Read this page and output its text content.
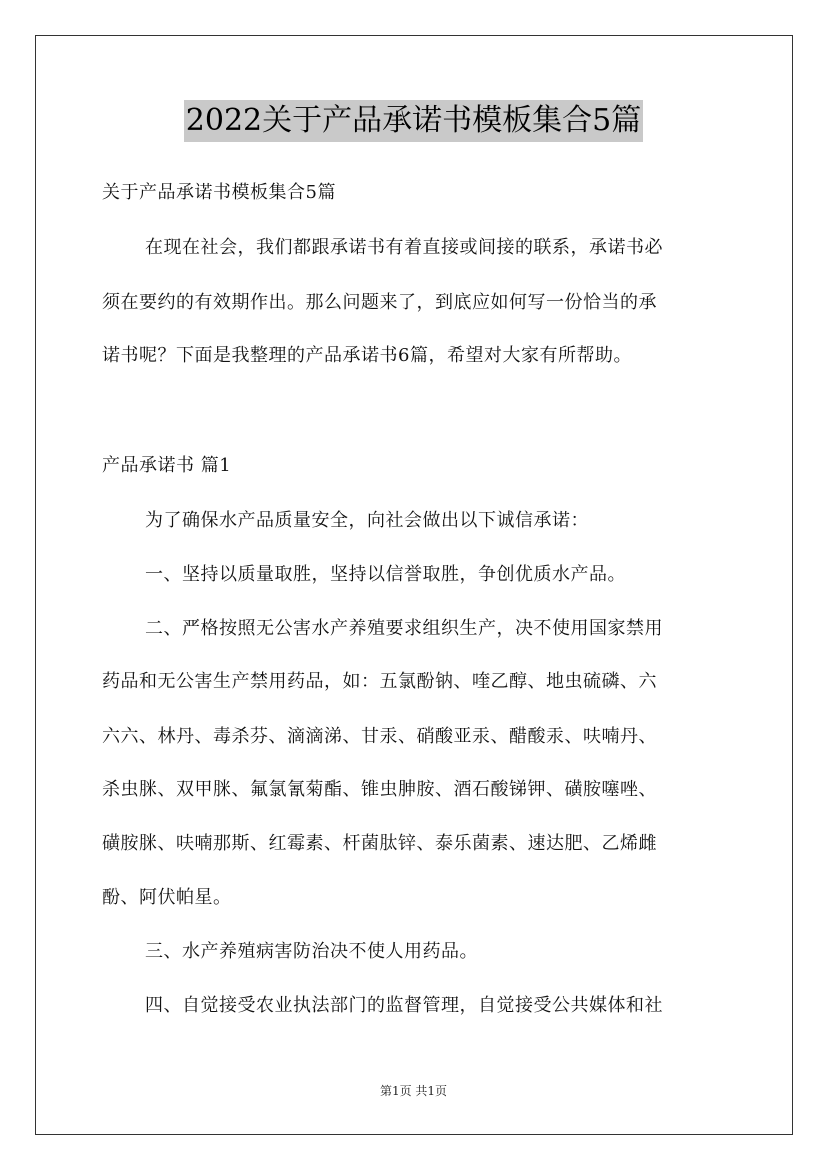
2022关于产品承诺书模板集合5篇
关于产品承诺书模板集合5篇
在现在社会，我们都跟承诺书有着直接或间接的联系，承诺书必
须在要约的有效期作出。那么问题来了，到底应如何写一份恰当的承
诺书呢？下面是我整理的产品承诺书6篇，希望对大家有所帮助。
产品承诺书 篇1
为了确保水产品质量安全，向社会做出以下诚信承诺：
一、坚持以质量取胜，坚持以信誉取胜，争创优质水产品。
二、严格按照无公害水产养殖要求组织生产，决不使用国家禁用
药品和无公害生产禁用药品，如：五氯酚钠、喹乙醇、地虫硫磷、六
六六、林丹、毒杀芬、滴滴涕、甘汞、硝酸亚汞、醋酸汞、呋喃丹、
杀虫脒、双甲脒、氟氯氰菊酯、锥虫胂胺、酒石酸锑钾、磺胺噻唑、
磺胺脒、呋喃那斯、红霉素、杆菌肽锌、泰乐菌素、速达肥、乙烯雌
酚、阿伏帕星。
三、水产养殖病害防治决不使人用药品。
四、自觉接受农业执法部门的监督管理，自觉接受公共媒体和社
第1页 共1页
